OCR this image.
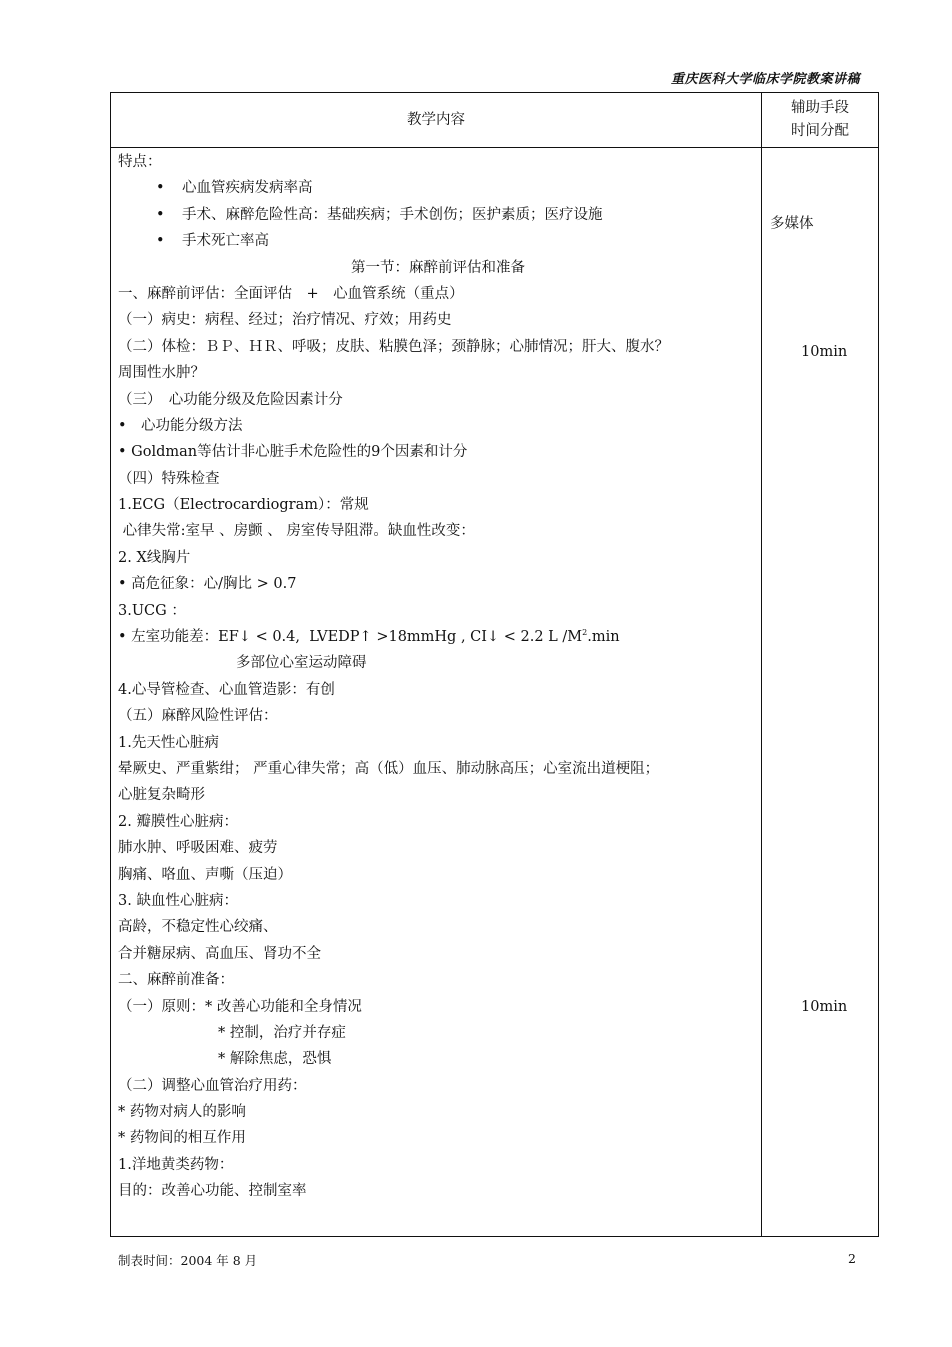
重庆医科大学临床学院教案讲稿
教学内容
辅助手段
时间分配
特点：
• 心血管疾病发病率高
• 手术、麻醉危险性高：基础疾病；手术创伤；医护素质；医疗设施
• 手术死亡率高
第一节：麻醉前评估和准备
一、麻醉前评估：全面评估　+　心血管系统（重点）
（一）病史：病程、经过；治疗情况、疗效；用药史
（二）体检：ＢＰ、ＨＲ、呼吸；皮肤、粘膜色泽；颈静脉；心肺情况；肝大、腹水？
周围性水肿？
（三）　心功能分级及危险因素计分
•　心功能分级方法
• Goldman等估计非心脏手术危险性的9个因素和计分
（四）特殊检查
1.ECG（Electrocardiogram）：常规
心律失常:室早 、房颤 、 房室传导阻滞。缺血性改变：
2. X线胸片
• 高危征象：心/胸比 > 0.7
3.UCG ：
• 左室功能差：EF↓ < 0.4,  LVEDP↑ >18mmHg , CI↓ < 2.2 L $/M^2.\min$
多部位心室运动障碍
4.心导管检查、心血管造影：有创
（五）麻醉风险性评估：
1.先天性心脏病
晕厥史、严重紫绀； 严重心律失常；高（低）血压、肺动脉高压；心室流出道梗阻；
心脏复杂畸形
2. 瓣膜性心脏病：
肺水肿、呼吸困难、疲劳
胸痛、咯血、声嘶（压迫）
3. 缺血性心脏病：
高龄，不稳定性心绞痛、
合并糖尿病、高血压、肾功不全
二、麻醉前准备：
（一）原则：* 改善心功能和全身情况
* 控制，治疗并存症
* 解除焦虑，恐惧
（二）调整心血管治疗用药：
* 药物对病人的影响
* 药物间的相互作用
1.洋地黄类药物：
目的：改善心功能、控制室率
多媒体
10min
10min
制表时间：2004 年 8 月	2
